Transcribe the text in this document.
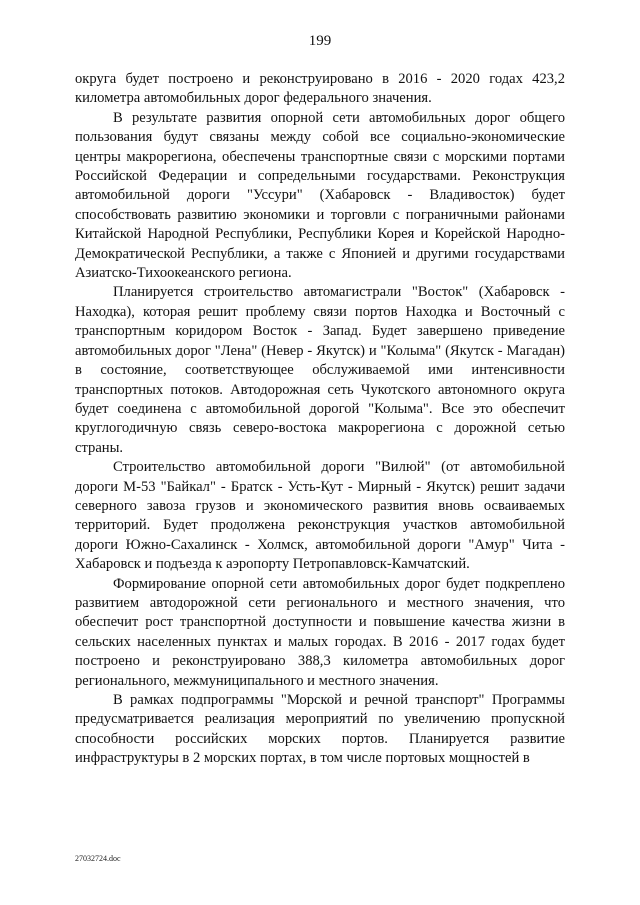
199

округа будет построено и реконструировано в 2016 - 2020 годах 423,2 километра автомобильных дорог федерального значения.

В результате развития опорной сети автомобильных дорог общего пользования будут связаны между собой все социально-экономические центры макрорегиона, обеспечены транспортные связи с морскими портами Российской Федерации и сопредельными государствами. Реконструкция автомобильной дороги "Уссури" (Хабаровск - Владивосток) будет способствовать развитию экономики и торговли с пограничными районами Китайской Народной Республики, Республики Корея и Корейской Народно-Демократической Республики, а также с Японией и другими государствами Азиатско-Тихоокеанского региона.

Планируется строительство автомагистрали "Восток" (Хабаровск - Находка), которая решит проблему связи портов Находка и Восточный с транспортным коридором Восток - Запад. Будет завершено приведение автомобильных дорог "Лена" (Невер - Якутск) и "Колыма" (Якутск - Магадан) в состояние, соответствующее обслуживаемой ими интенсивности транспортных потоков. Автодорожная сеть Чукотского автономного округа будет соединена с автомобильной дорогой "Колыма". Все это обеспечит круглогодичную связь северо-востока макрорегиона с дорожной сетью страны.

Строительство автомобильной дороги "Вилюй" (от автомобильной дороги М-53 "Байкал" - Братск - Усть-Кут - Мирный - Якутск) решит задачи северного завоза грузов и экономического развития вновь осваиваемых территорий. Будет продолжена реконструкция участков автомобильной дороги Южно-Сахалинск - Холмск, автомобильной дороги "Амур" Чита - Хабаровск и подъезда к аэропорту Петропавловск-Камчатский.

Формирование опорной сети автомобильных дорог будет подкреплено развитием автодорожной сети регионального и местного значения, что обеспечит рост транспортной доступности и повышение качества жизни в сельских населенных пунктах и малых городах. В 2016 - 2017 годах будет построено и реконструировано 388,3 километра автомобильных дорог регионального, межмуниципального и местного значения.

В рамках подпрограммы "Морской и речной транспорт" Программы предусматривается реализация мероприятий по увеличению пропускной способности российских морских портов. Планируется развитие инфраструктуры в 2 морских портах, в том числе портовых мощностей в

27032724.doc
